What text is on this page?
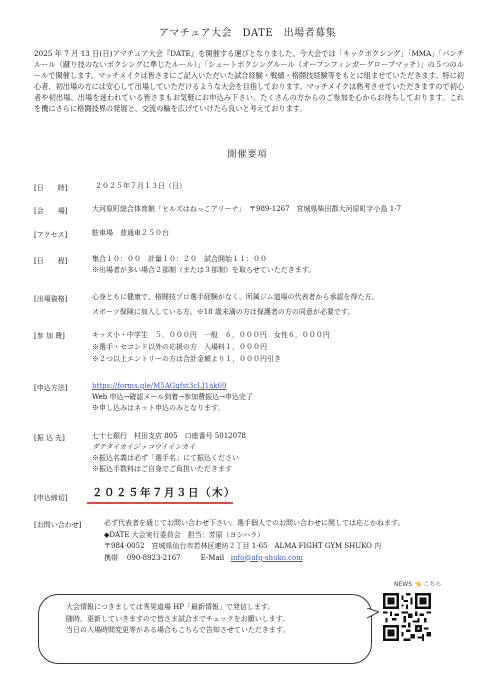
アマチュア大会　DATE　出場者募集
2025 年 7 月 13 日(日)アマチュア大会『DATE』を開催する運びとなりました。今大会では「キックボクシング」「MMA」「パンチルール（蹴り技のないボクシングに準じたルール）」「シュートボクシングルール（オープンフィンガーグローブマッチ）」の５つのルールで開催します。マッチメイクは皆さまにご記入いただいた試合経験・戦績・格闘技経験等をもとに組ませていただきます。特に初心者、初出場の方には安心して出場していただけるような大会を目指しております。マッチメイクは熟考させていただきますので初心者や初出場、出場を迷われている皆さまもお気軽にお申込み下さい。たくさんの方からのご参加を心からお待ちしております。これを機にさらに格闘技界の発展と、交流の輪を広げていけたら良いと考えております。
開催要項
[日　　時]	２０２５年７月１３日（日）
[会　　場]	大河原町総合体育館「ヒルズはねっこアリーナ」　〒989-1267　宮城県柴田郡大河原町字小島 1-7
[アクセス]	駐車場　普通車２５０台
[日　　程]	集合１０：００　計量１０：２０　試合開始１１：００
※出場者が多い場合２部制（または３部制）を取らせていただきます。
[出場資格]	心身ともに健康で、格闘技プロ選手経験がなく、所属ジム道場の代表者から承認を得た方。
スポーツ保険に加入している方。※18 歳未満の方は保護者の方の同意が必要です。
[参 加 費]	キッズ小・中学生　５，０００円　一般　６，０００円　女性６，０００円
※選手・セコンド以外の応援の方　入場料１，０００円
※２つ以上エントリーの方は合計金額より１，０００円引き
[申込方法]	https://forms.gle/M5AGqfst3cLJ1ak69
Web 申込→確認メール到着→参加費振込→申込完了
※申し込みはネット申込のみとなります。
[振 込 先]	七十七銀行　村田支店 805　口座番号 5012078
ダテタイカイジッコウイインカイ
※振込名義は必ず「選手名」にて振込ください
※振込手数料はご自身でご負担いただきます
[申込締切] ２０２５年７月３日（木）
[お問い合わせ]	必ず代表者を通じてお問い合わせ下さい。選手個人でのお問い合わせに関しては応じかねます。
◆DATE 大会実行委員会　担当：芳原（ヨシハラ）
〒984-0052　宮城県仙台市若林区連坊２丁目 1-65　ALMA FIGHT GYM SHUKO 内
携帯 090-8923-2167	E-Mail info@afg-shuko.com
NEWS 👈 こちら
大会情報につきましては秀晃道場 HP「最新情報」で発信します。
随時、更新していきますので皆さま試合までチェックをお願いします。
当日の入場時間変更等がある場合もこちらで告知させていただきます。
